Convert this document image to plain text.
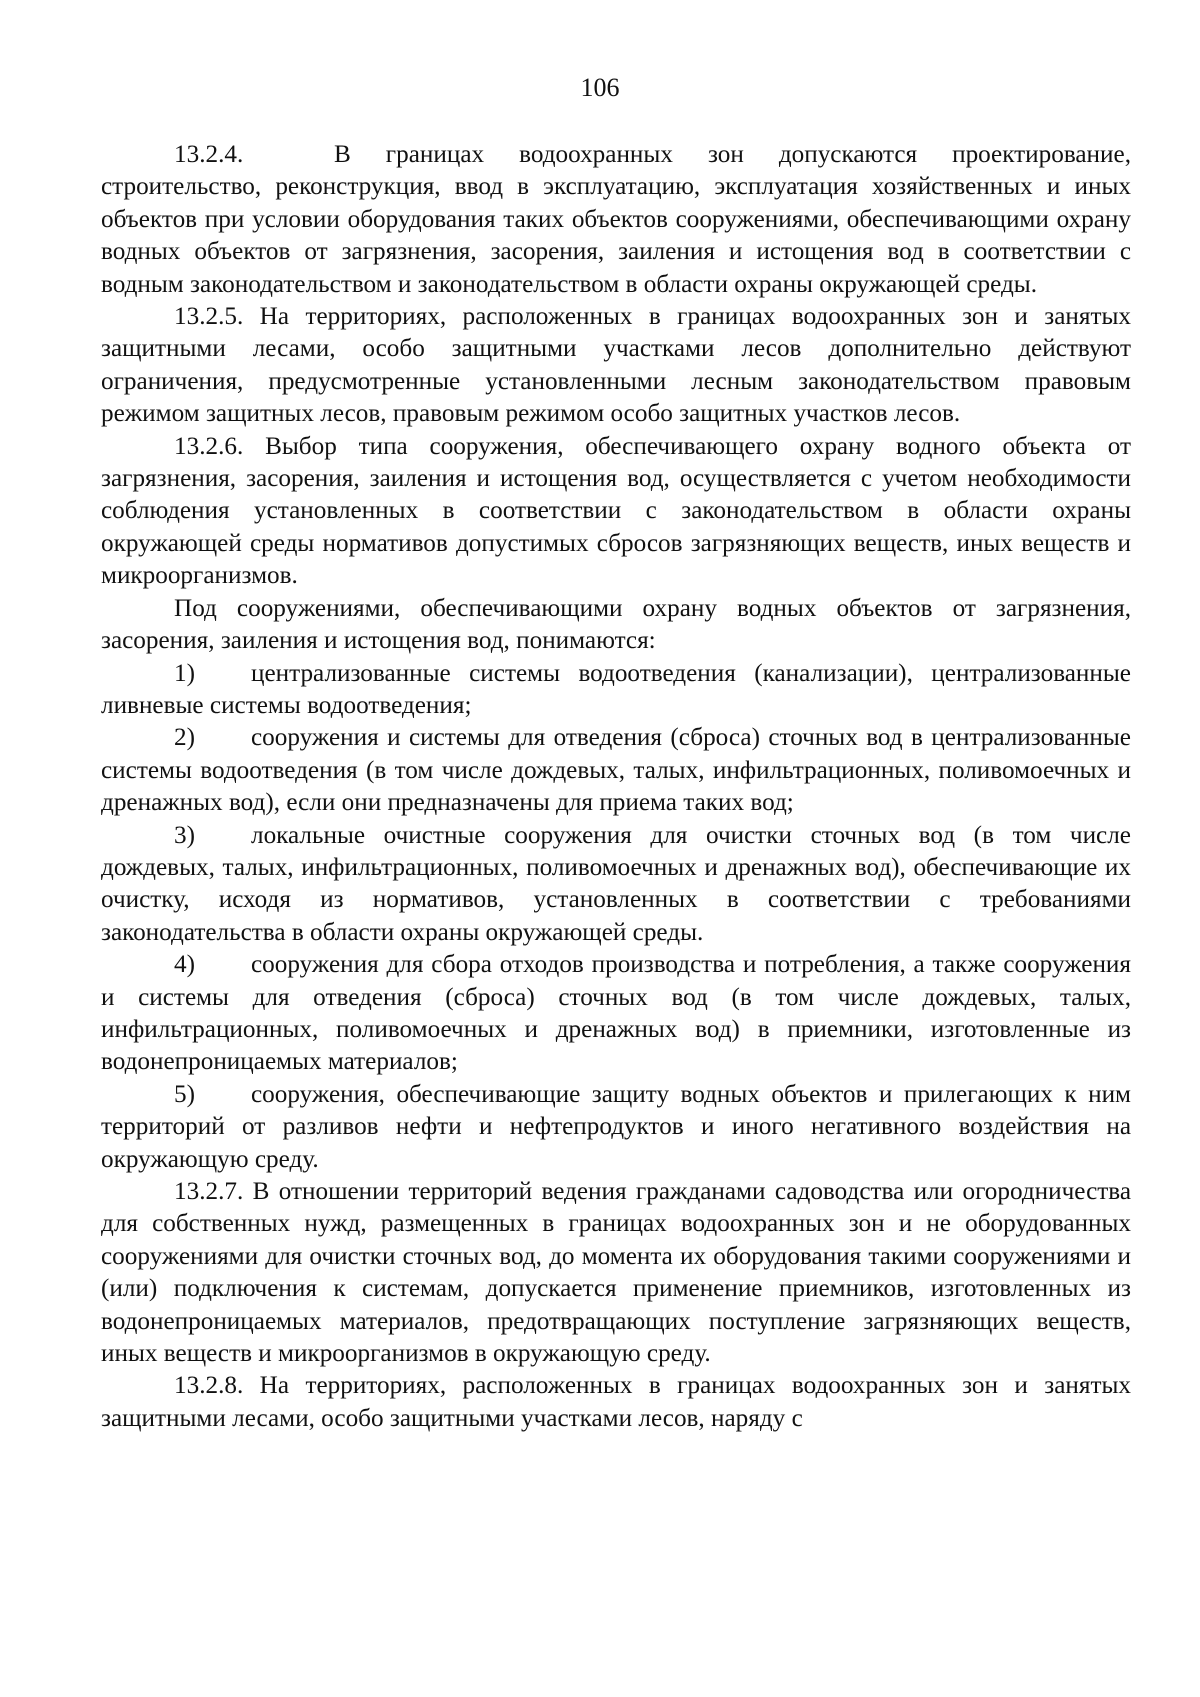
106

13.2.4.	В границах водоохранных зон допускаются проектирование, строительство, реконструкция, ввод в эксплуатацию, эксплуатация хозяйственных и иных объектов при условии оборудования таких объектов сооружениями, обеспечивающими охрану водных объектов от загрязнения, засорения, заиления и истощения вод в соответствии с водным законодательством и законодательством в области охраны окружающей среды.

13.2.5. На территориях, расположенных в границах водоохранных зон и занятых защитными лесами, особо защитными участками лесов дополнительно действуют ограничения, предусмотренные установленными лесным законодательством правовым режимом защитных лесов, правовым режимом особо защитных участков лесов.

13.2.6. Выбор типа сооружения, обеспечивающего охрану водного объекта от загрязнения, засорения, заиления и истощения вод, осуществляется с учетом необходимости соблюдения установленных в соответствии с законодательством в области охраны окружающей среды нормативов допустимых сбросов загрязняющих веществ, иных веществ и микроорганизмов.

Под сооружениями, обеспечивающими охрану водных объектов от загрязнения, засорения, заиления и истощения вод, понимаются:

1) централизованные системы водоотведения (канализации), централизованные ливневые системы водоотведения;

2) сооружения и системы для отведения (сброса) сточных вод в централизованные системы водоотведения (в том числе дождевых, талых, инфильтрационных, поливомоечных и дренажных вод), если они предназначены для приема таких вод;

3) локальные очистные сооружения для очистки сточных вод (в том числе дождевых, талых, инфильтрационных, поливомоечных и дренажных вод), обеспечивающие их очистку, исходя из нормативов, установленных в соответствии с требованиями законодательства в области охраны окружающей среды.

4) сооружения для сбора отходов производства и потребления, а также сооружения и системы для отведения (сброса) сточных вод (в том числе дождевых, талых, инфильтрационных, поливомоечных и дренажных вод) в приемники, изготовленные из водонепроницаемых материалов;

5) сооружения, обеспечивающие защиту водных объектов и прилегающих к ним территорий от разливов нефти и нефтепродуктов и иного негативного воздействия на окружающую среду.

13.2.7. В отношении территорий ведения гражданами садоводства или огородничества для собственных нужд, размещенных в границах водоохранных зон и не оборудованных сооружениями для очистки сточных вод, до момента их оборудования такими сооружениями и (или) подключения к системам, допускается применение приемников, изготовленных из водонепроницаемых материалов, предотвращающих поступление загрязняющих веществ, иных веществ и микроорганизмов в окружающую среду.

13.2.8. На территориях, расположенных в границах водоохранных зон и занятых защитными лесами, особо защитными участками лесов, наряду с
